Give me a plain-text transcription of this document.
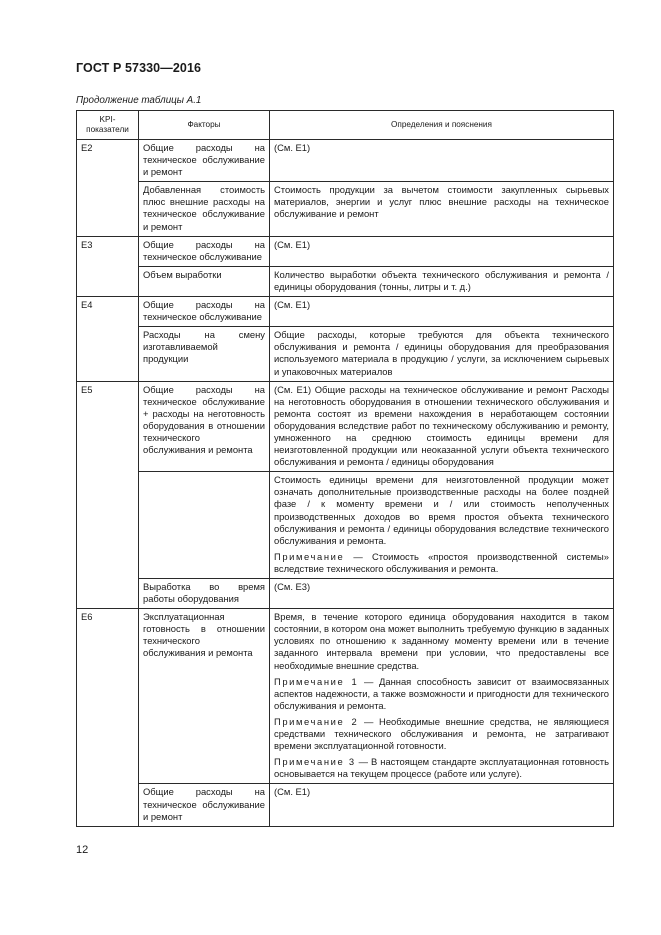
ГОСТ Р 57330—2016
Продолжение таблицы А.1
KPI-показатели	Факторы	Определения и пояснения
E2	Общие расходы на техническое обслуживание и ремонт	(См. E1)

	Добавленная стоимость плюс внешние расходы на техническое обслуживание и ремонт	Стоимость продукции за вычетом стоимости закупленных сырьевых материалов, энергии и услуг плюс внешние расходы на техническое обслуживание и ремонт

E3	Общие расходы на техническое обслуживание	(См. E1)

	Объем выработки	Количество выработки объекта технического обслуживания и ремонта / единицы оборудования (тонны, литры и т. д.)

E4	Общие расходы на техническое обслуживание	(См. E1)

	Расходы на смену изготавливаемой продукции	Общие расходы, которые требуются для объекта технического обслуживания и ремонта / единицы оборудования для преобразования используемого материала в продукцию / услуги, за исключением сырьевых и упаковочных материалов

E5	Общие расходы на техническое обслуживание + расходы на неготовность оборудования в отношении технического обслуживания и ремонта	(См. E1) Общие расходы на техническое обслуживание и ремонт Расходы на неготовность оборудования в отношении технического обслуживания и ремонта состоят из времени нахождения в неработающем состоянии оборудования вследствие работ по техническому обслуживанию и ремонту, умноженного на среднюю стоимость единицы времени для неизготовленной продукции или неоказанной услуги объекта технического обслуживания и ремонта / единицы оборудования

		Стоимость единицы времени для неизготовленной продукции может означать дополнительные производственные расходы на более поздней фазе / к моменту времени и / или стоимость неполученных производственных доходов во время простоя объекта технического обслуживания и ремонта / единицы оборудования вследствие технического обслуживания и ремонта.

Примечание — Стоимость «простоя производственной системы» вследствие технического обслуживания и ремонта.

	Выработка во время работы оборудования	(См. E3)

E6	Эксплуатационная готовность в отношении технического обслуживания и ремонта	Время, в течение которого единица оборудования находится в таком состоянии, в котором она может выполнить требуемую функцию в заданных условиях по отношению к заданному моменту времени или в течение заданного интервала времени при условии, что предоставлены все необходимые внешние средства.

Примечание 1 — Данная способность зависит от взаимосвязанных аспектов надежности, а также возможности и пригодности для технического обслуживания и ремонта.

Примечание 2 — Необходимые внешние средства, не являющиеся средствами технического обслуживания и ремонта, не затрагивают времени эксплуатационной готовности.

Примечание 3 — В настоящем стандарте эксплуатационная готовность основывается на текущем процессе (работе или услуге).

	Общие расходы на техническое обслуживание и ремонт	(См. E1)

12
